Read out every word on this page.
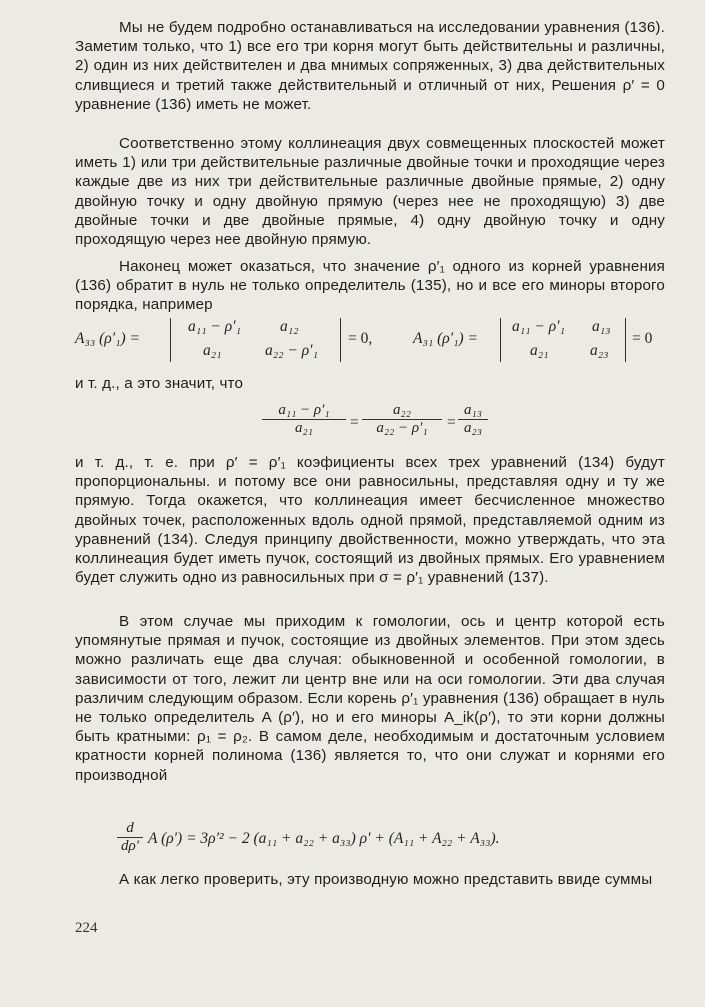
Мы не будем подробно останавливаться на исследовании уравнения (136). Заметим только, что 1) все его три корня могут быть действительны и различны, 2) один из них действителен и два мнимых сопряженных, 3) два действительных сливщиеся и третий также действительный и отличный от них, Решения ρ′ = 0 уравнение (136) иметь не может.

Соответственно этому коллинеация двух совмещенных плоскостей может иметь 1) или три действительные различные двойные точки и проходящие через каждые две из них три действительные различные двойные прямые, 2) одну двойную точку и одну двойную прямую (через нее не проходящую) 3) две двойные точки и две двойные прямые, 4) одну двойную точку и одну проходящую через нее двойную прямую.

Наконец может оказаться, что значение ρ′₁ одного из корней уравнения (136) обратит в нуль не только определитель (135), но и все его миноры второго порядка, например

A₃₃ (ρ′₁) =
a₁₁ − ρ′₁	a₁₂
a₂₁	a₂₂ − ρ′₁
= 0,	A₃₁ (ρ′₁) =
a₁₁ − ρ′₁ a₁₃
a₂₁	a₂₃
= 0

и т. д., а это значит, что

$\frac{\text{a₁₁ − ρ′₁}}{\text{a₂₁}} = \frac{\text{a₂₂}}{\text{a₂₂ − ρ′₁}} = \frac{\text{a₁₃}}{\text{a₂₃}}$

и т. д., т. е. при ρ′ = ρ′₁ коэфициенты всех трех уравнений (134) будут пропорциональны. и потому все они равносильны, представляя одну и ту же прямую. Тогда окажется, что коллинеация имеет бесчисленное множество двойных точек, расположенных вдоль одной прямой, представляемой одним из уравнений (134). Следуя принципу двойственности, можно утверждать, что эта коллинеация будет иметь пучок, состоящий из двойных прямых. Его уравнением будет служить одно из равносильных при σ = ρ′₁ уравнений (137).

В этом случае мы приходим к гомологии, ось и центр которой есть упомянутые прямая и пучок, состоящие из двойных элементов. При этом здесь можно различать еще два случая: обыкновенной и особенной гомологии, в зависимости от того, лежит ли центр вне или на оси гомологии. Эти два случая различим следующим образом. Если корень ρ′₁ уравнения (136) обращает в нуль не только определитель A (ρ′), но и его миноры A_ik(ρ′), то эти корни должны быть кратными: ρ₁ = ρ₂. В самом деле, необходимым и достаточным условием кратности корней полинома (136) является то, что они служат и корнями его производной

$\frac{d}{d\rho'}$ A (ρ′) = 3ρ′² − 2 (a₁₁ + a₂₂ + a₃₃) ρ′ + (A₁₁ + A₂₂ + A₃₃).

А как легко проверить, эту производную можно представить ввиде суммы

224
